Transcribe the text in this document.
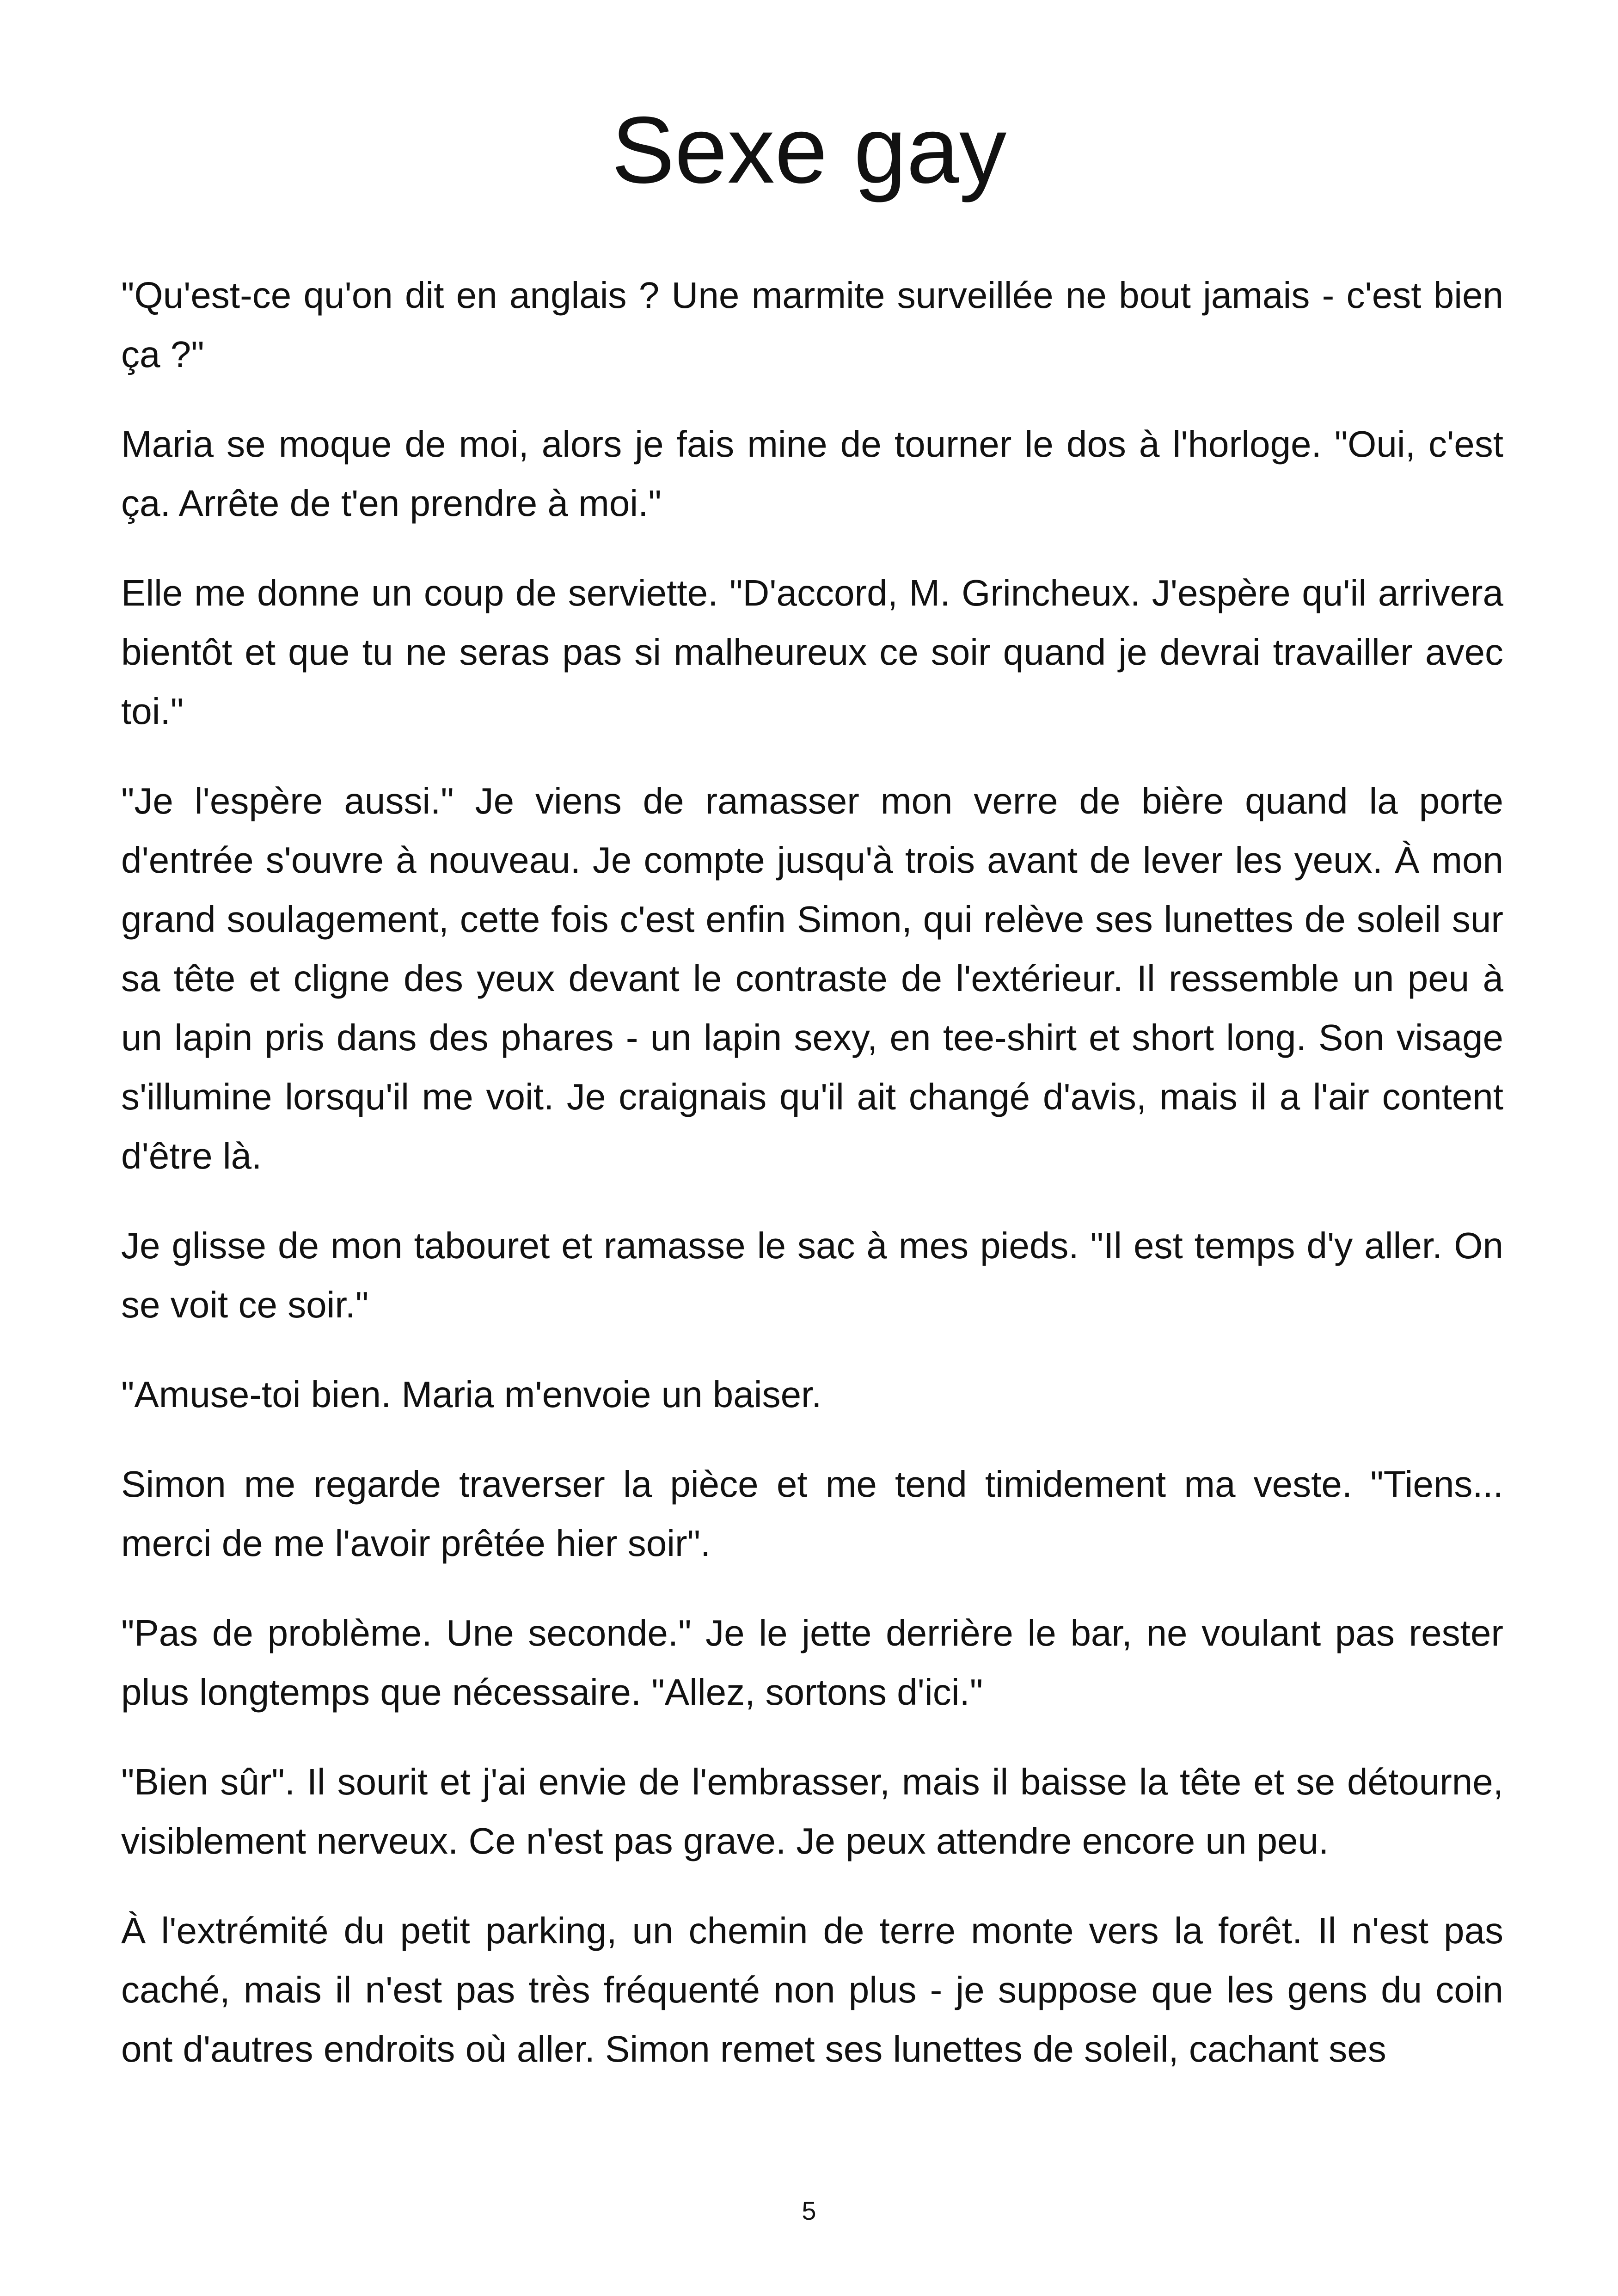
Sexe gay

"Qu'est-ce qu'on dit en anglais ? Une marmite surveillée ne bout jamais - c'est bien ça ?"

Maria se moque de moi, alors je fais mine de tourner le dos à l'horloge. "Oui, c'est ça. Arrête de t'en prendre à moi."

Elle me donne un coup de serviette. "D'accord, M. Grincheux. J'espère qu'il arrivera bientôt et que tu ne seras pas si malheureux ce soir quand je devrai travailler avec toi."

"Je l'espère aussi." Je viens de ramasser mon verre de bière quand la porte d'entrée s'ouvre à nouveau. Je compte jusqu'à trois avant de lever les yeux. À mon grand soulagement, cette fois c'est enfin Simon, qui relève ses lunettes de soleil sur sa tête et cligne des yeux devant le contraste de l'extérieur. Il ressemble un peu à un lapin pris dans des phares - un lapin sexy, en tee-shirt et short long. Son visage s'illumine lorsqu'il me voit. Je craignais qu'il ait changé d'avis, mais il a l'air content d'être là.

Je glisse de mon tabouret et ramasse le sac à mes pieds. "Il est temps d'y aller. On se voit ce soir."

"Amuse-toi bien. Maria m'envoie un baiser.

Simon me regarde traverser la pièce et me tend timidement ma veste. "Tiens... merci de me l'avoir prêtée hier soir".

"Pas de problème. Une seconde." Je le jette derrière le bar, ne voulant pas rester plus longtemps que nécessaire. "Allez, sortons d'ici."

"Bien sûr". Il sourit et j'ai envie de l'embrasser, mais il baisse la tête et se détourne, visiblement nerveux. Ce n'est pas grave. Je peux attendre encore un peu.

À l'extrémité du petit parking, un chemin de terre monte vers la forêt. Il n'est pas caché, mais il n'est pas très fréquenté non plus - je suppose que les gens du coin ont d'autres endroits où aller. Simon remet ses lunettes de soleil, cachant ses

5
